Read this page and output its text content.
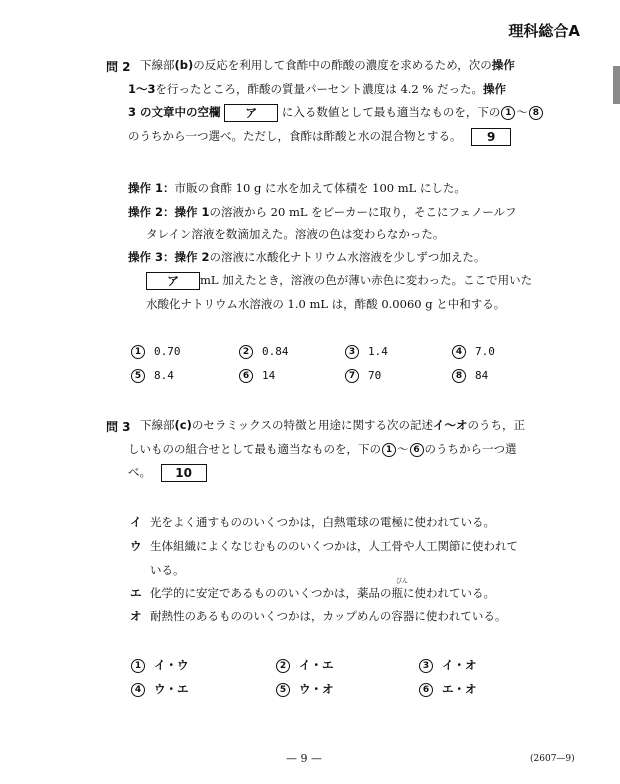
理科総合A
問 2 下線部(b)の反応を利用して食酢中の酢酸の濃度を求めるため，次の操作
1～3を行ったところ，酢酸の質量パーセント濃度は 4.2 % だった。操作
3 の文章中の空欄 ア に入る数値として最も適当なものを，下の 1 ～ 8
のうちから一つ選べ。ただし，食酢は酢酸と水の混合物とする。 9
操作 1：市販の食酢 10 g に水を加えて体積を 100 mL にした。
操作 2：操作 1の溶液から 20 mL をビーカーに取り，そこにフェノールフ
タレイン溶液を数滴加えた。溶液の色は変わらなかった。
操作 3：操作 2の溶液に水酸化ナトリウム水溶液を少しずつ加えた。
ア mL 加えたとき，溶液の色が薄い赤色に変わった。ここで用いた
水酸化ナトリウム水溶液の 1.0 mL は，酢酸 0.0060 g と中和する。
1 0.70	2 0.84	3 1.4	4 7.0
5 8.4	6 14	7 70	8 84
問 3 下線部(c)のセラミックスの特徴と用途に関する次の記述イ～オのうち，正
しいものの組合せとして最も適当なものを，下の 1 ～ 6 のうちから一つ選
べ。 10
イ 光をよく通すもののいくつかは，白熱電球の電極に使われている。
ウ 生体組織によくなじむもののいくつかは，人工骨や人工関節に使われて
いる。
びん
エ 化学的に安定であるもののいくつかは，薬品の瓶に使われている。
オ 耐熱性のあるもののいくつかは，カップめんの容器に使われている。
1 イ・ウ	2 イ・エ	3 イ・オ
4 ウ・エ	5 ウ・オ	6 エ・オ
— 9 —	(2607—9)
